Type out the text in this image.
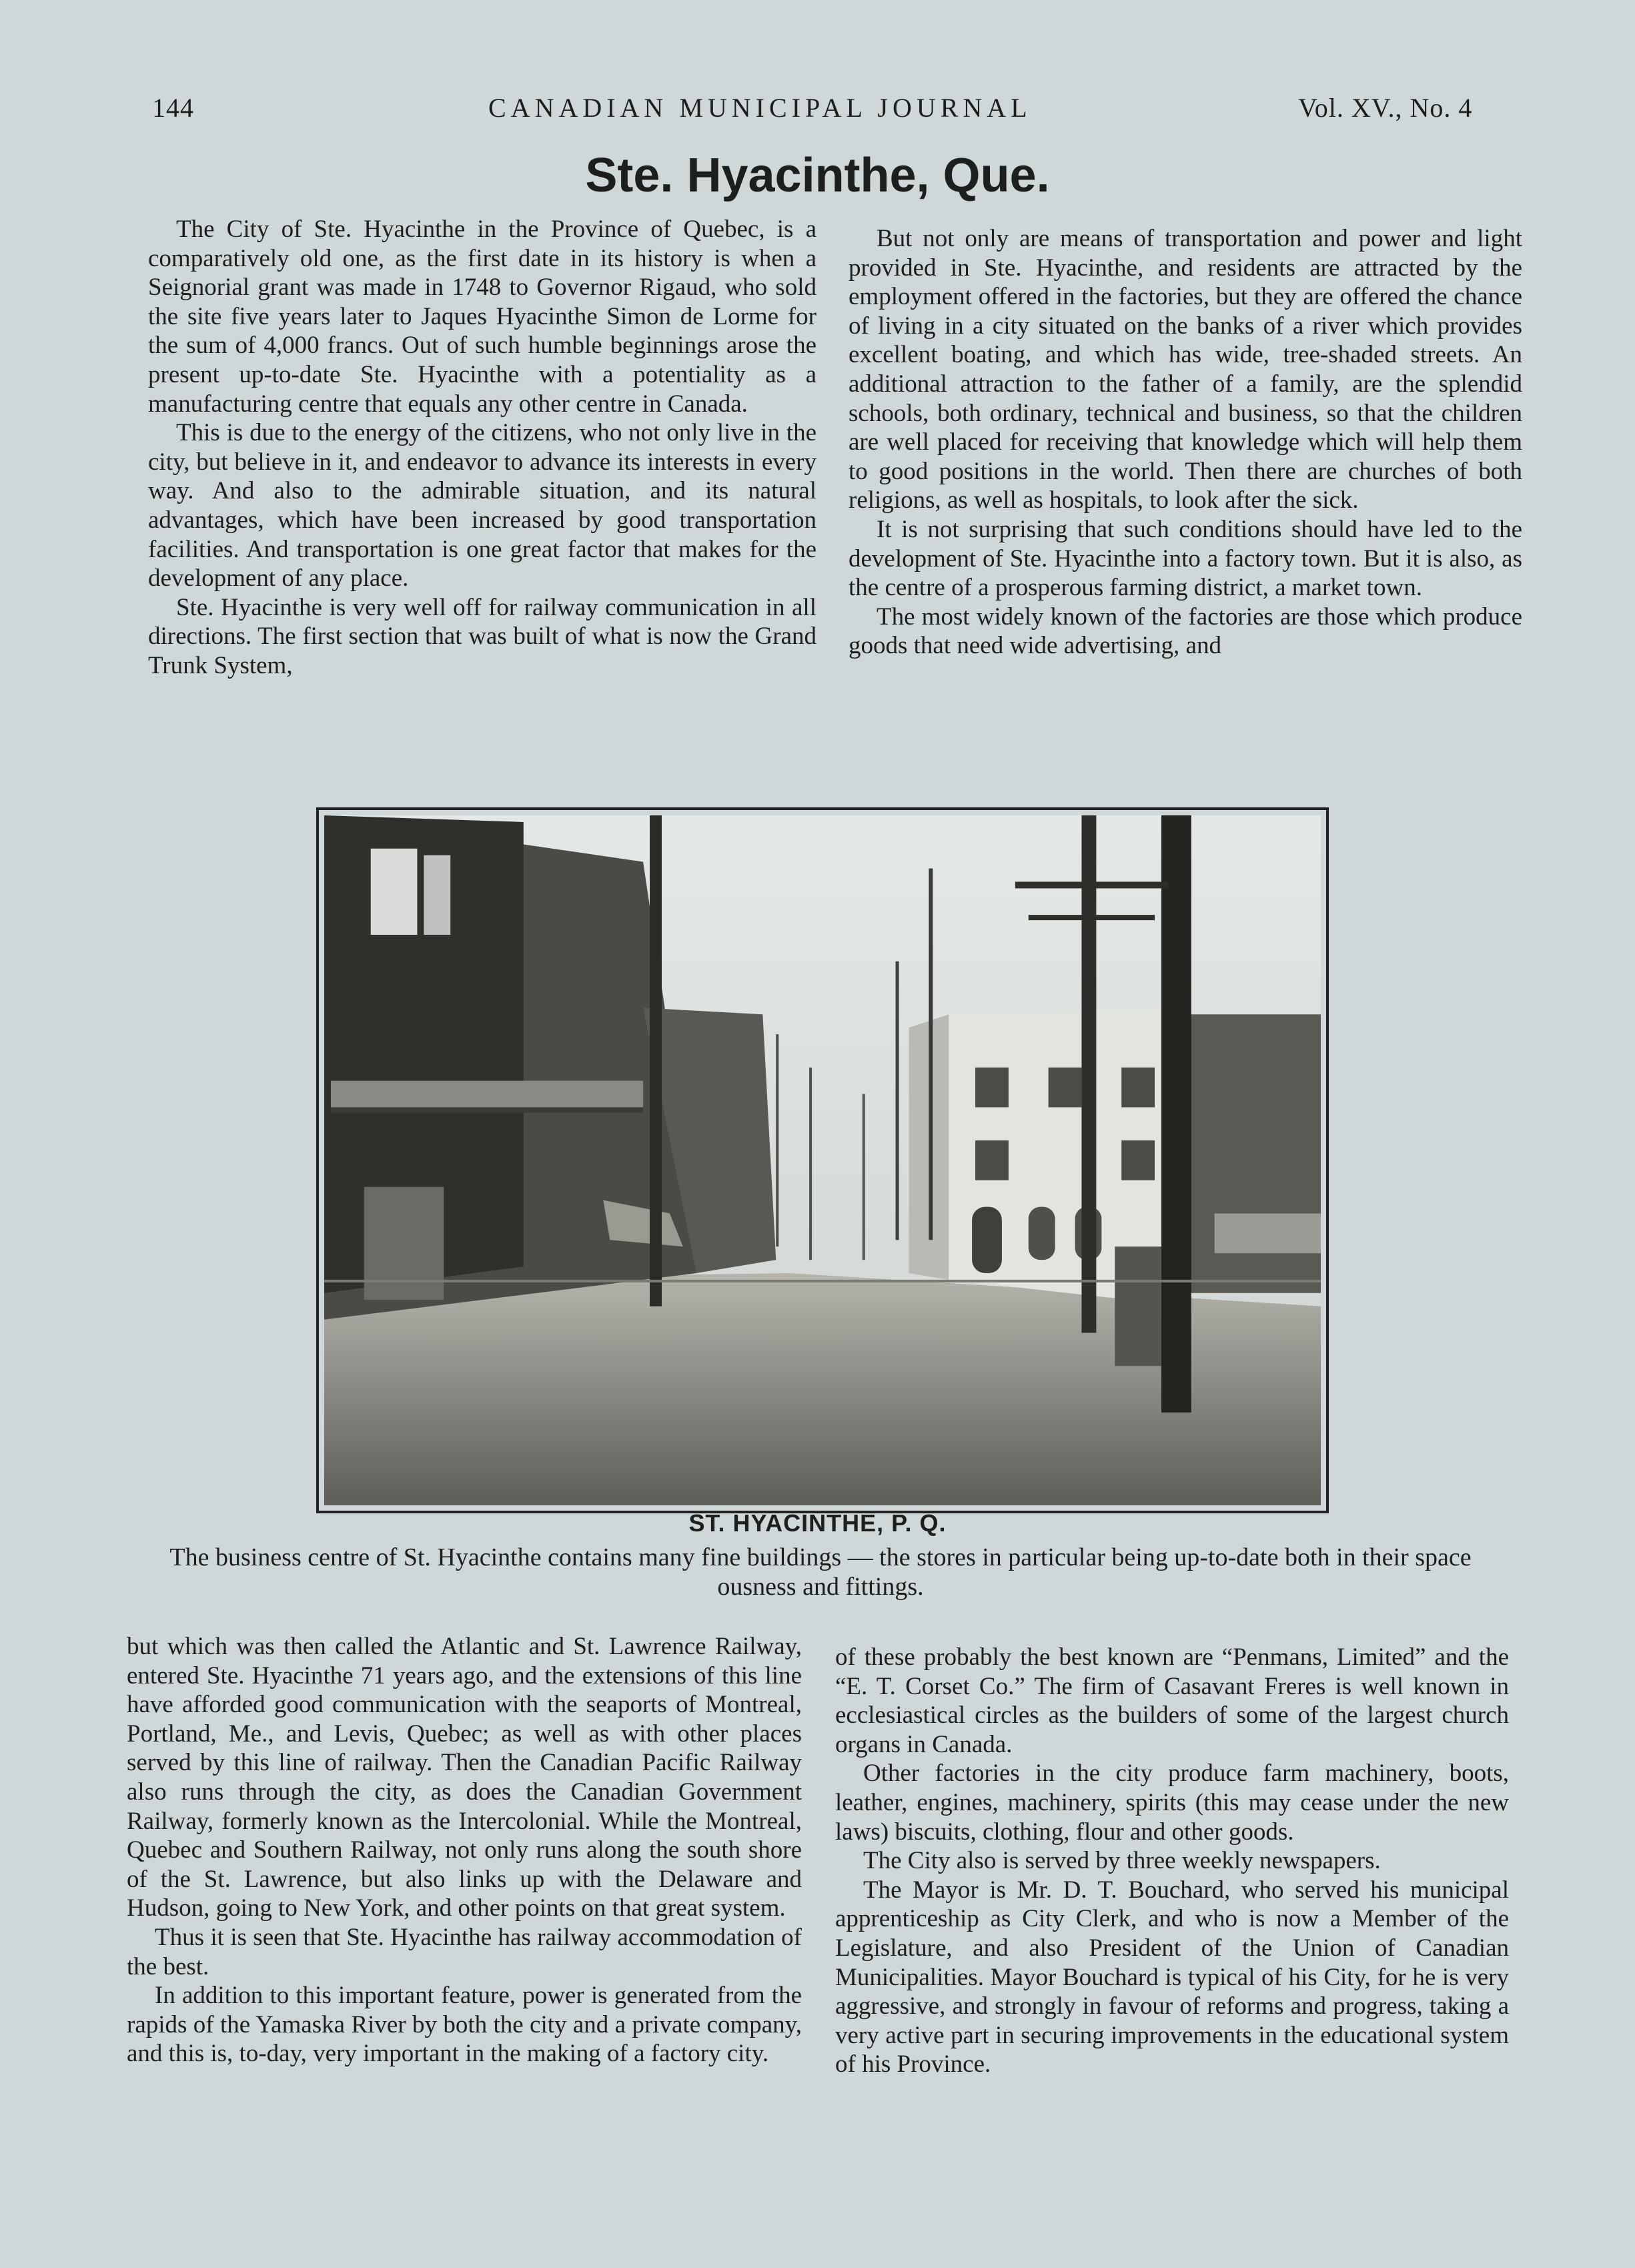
144	CANADIAN MUNICIPAL JOURNAL	Vol. XV., No. 4
Ste. Hyacinthe, Que.

The City of Ste. Hyacinthe in the Province of Quebec, is a comparatively old one, as the first date in its history is when a Seignorial grant was made in 1748 to Governor Rigaud, who sold the site five years later to Jaques Hyacinthe Simon de Lorme for the sum of 4,000 francs. Out of such humble beginnings arose the present up-to-date Ste. Hyacinthe with a potentiality as a manufacturing centre that equals any other centre in Canada.

This is due to the energy of the citizens, who not only live in the city, but believe in it, and endeavor to advance its interests in every way. And also to the admirable situation, and its natural advantages, which have been increased by good transportation facilities. And transportation is one great factor that makes for the development of any place.

Ste. Hyacinthe is very well off for railway communication in all directions. The first section that was built of what is now the Grand Trunk System,

But not only are means of transportation and power and light provided in Ste. Hyacinthe, and residents are attracted by the employment offered in the factories, but they are offered the chance of living in a city situated on the banks of a river which provides excellent boating, and which has wide, tree-shaded streets. An additional attraction to the father of a family, are the splendid schools, both ordinary, technical and business, so that the children are well placed for receiving that knowledge which will help them to good positions in the world. Then there are churches of both religions, as well as hospitals, to look after the sick.

It is not surprising that such conditions should have led to the development of Ste. Hyacinthe into a factory town. But it is also, as the centre of a prosperous farming district, a market town.

The most widely known of the factories are those which produce goods that need wide advertising, and

ST. HYACINTHE, P. Q.
The business centre of St. Hyacinthe contains many fine buildings — the stores in particular being up-to-date both in their space ousness and fittings.

but which was then called the Atlantic and St. Lawrence Railway, entered Ste. Hyacinthe 71 years ago, and the extensions of this line have afforded good communication with the seaports of Montreal, Portland, Me., and Levis, Quebec; as well as with other places served by this line of railway. Then the Canadian Pacific Railway also runs through the city, as does the Canadian Government Railway, formerly known as the Intercolonial. While the Montreal, Quebec and Southern Railway, not only runs along the south shore of the St. Lawrence, but also links up with the Delaware and Hudson, going to New York, and other points on that great system.

Thus it is seen that Ste. Hyacinthe has railway accommodation of the best.

In addition to this important feature, power is generated from the rapids of the Yamaska River by both the city and a private company, and this is, to-day, very important in the making of a factory city.

of these probably the best known are “Penmans, Limited” and the “E. T. Corset Co.” The firm of Casavant Freres is well known in ecclesiastical circles as the builders of some of the largest church organs in Canada.

Other factories in the city produce farm machinery, boots, leather, engines, machinery, spirits (this may cease under the new laws) biscuits, clothing, flour and other goods.

The City also is served by three weekly newspapers.

The Mayor is Mr. D. T. Bouchard, who served his municipal apprenticeship as City Clerk, and who is now a Member of the Legislature, and also President of the Union of Canadian Municipalities. Mayor Bouchard is typical of his City, for he is very aggressive, and strongly in favour of reforms and progress, taking a very active part in securing improvements in the educational system of his Province.
